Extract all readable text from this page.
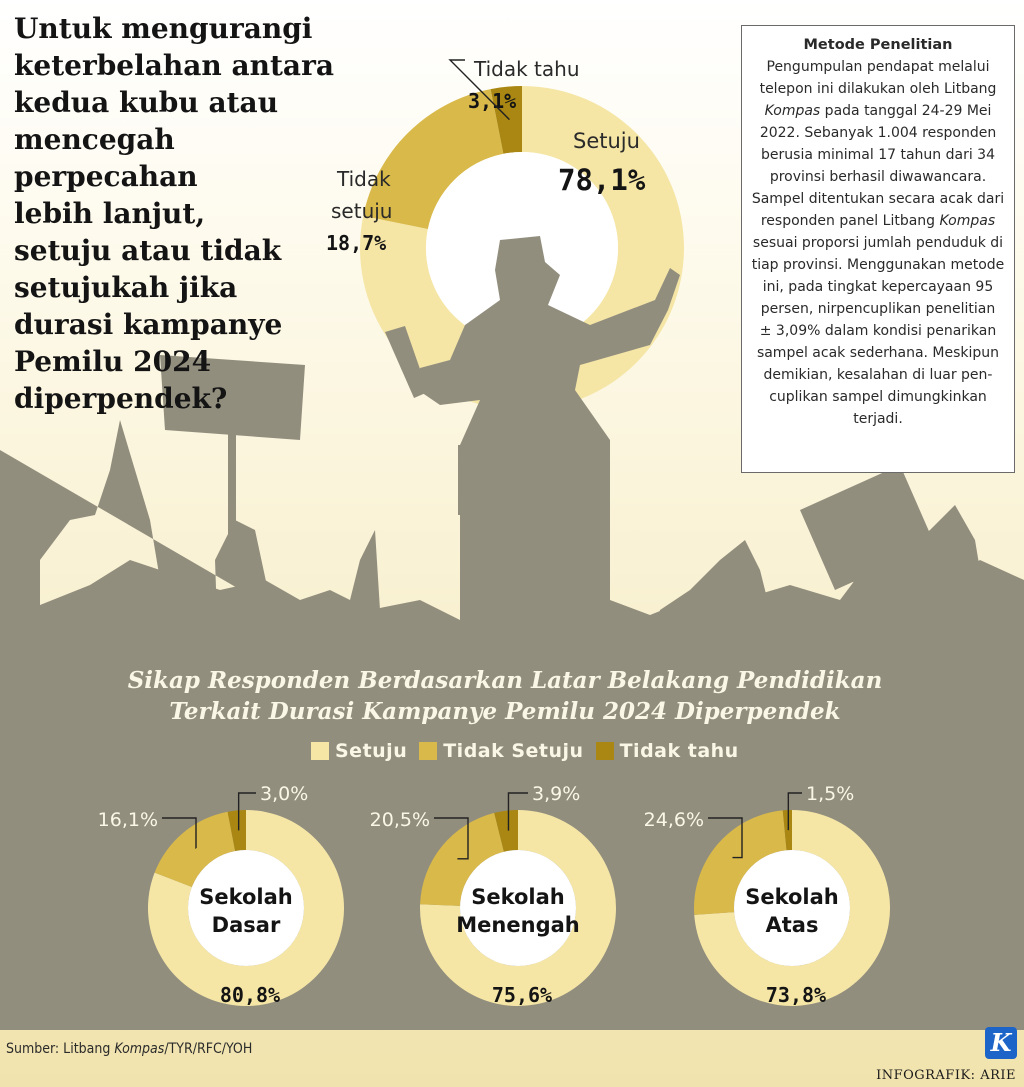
Setuju
78,1%
Tidak
setuju
18,7%
Tidak tahu
3,1%
Sekolah
Dasar
80,8%
16,1%
3,0%
Sekolah
Menengah
75,6%
20,5%
3,9%
Sekolah
Atas
73,8%
24,6%
1,5%
Untuk mengurangi
keterbelahan antara
kedua kubu atau
mencegah perpecahan
lebih lanjut,
setuju atau tidak
setujukah jika
durasi kampanye
Pemilu 2024
diperpendek?
Metode Penelitian
Pengumpulan pendapat melalui
telepon ini dilakukan oleh Litbang
Kompas pada tanggal 24-29 Mei
2022. Sebanyak 1.004 responden
berusia minimal 17 tahun dari 34
provinsi berhasil diwawancara.
Sampel ditentukan secara acak dari
responden panel Litbang Kompas
sesuai proporsi jumlah penduduk di
tiap provinsi. Menggunakan metode
ini, pada tingkat kepercayaan 95
persen, nirpencuplikan penelitian
± 3,09% dalam kondisi penarikan
sampel acak sederhana. Meskipun
demikian, kesalahan di luar pen-
cuplikan sampel dimungkinkan
terjadi.
Sikap Responden Berdasarkan Latar Belakang Pendidikan
Terkait Durasi Kampanye Pemilu 2024 Diperpendek
Setuju Tidak Setuju Tidak tahu
Sumber: Litbang Kompas/TYR/RFC/YOH	K
INFOGRAFIK: ARIE
